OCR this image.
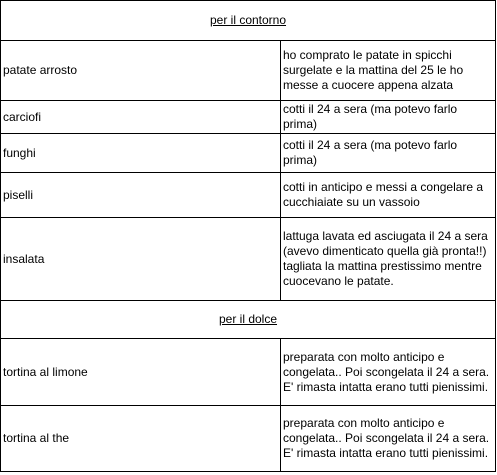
per il contorno	
patate arrosto	ho comprato le patate in spicchi surgelate e la mattina del 25 le ho messe a cuocere appena alzata

carciofi	cotti il 24 a sera (ma potevo farlo prima)

funghi	cotti il 24 a sera (ma potevo farlo prima)

piselli	cotti in anticipo e messi a congelare a cucchiaiate su un vassoio

insalata	lattuga lavata ed asciugata il 24 a sera (avevo dimenticato quella già pronta!!) tagliata la mattina prestissimo mentre cuocevano le patate.

per il dolce	
tortina al limone	preparata con molto anticipo e congelata.. Poi scongelata il 24 a sera. E' rimasta intatta erano tutti pienissimi.

tortina al the	preparata con molto anticipo e congelata.. Poi scongelata il 24 a sera. E' rimasta intatta erano tutti pienissimi.
